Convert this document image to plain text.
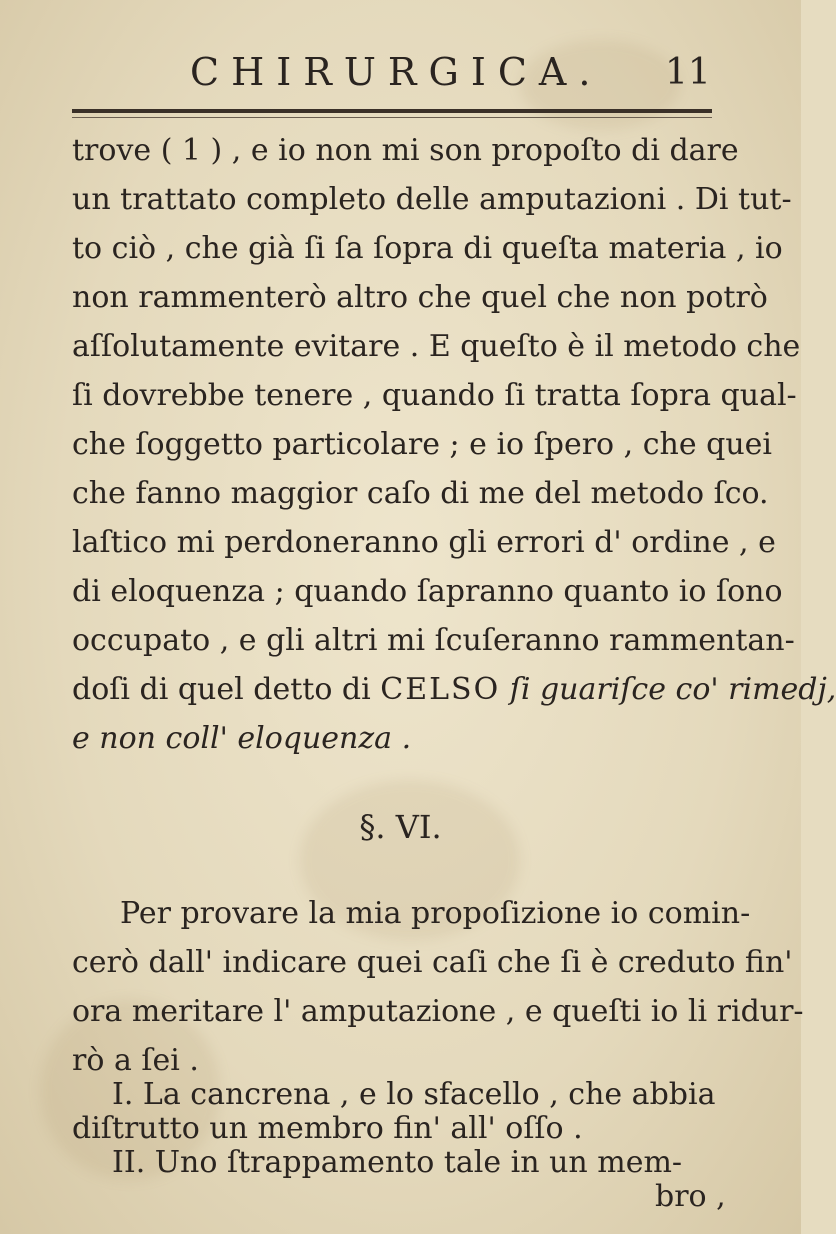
CHIRURGICA. 11
trove ( 1 ) , e io non mi son propoſto di dare
un trattato completo delle amputazioni . Di tut-
to ciò , che già ſi ſa ſopra di queſta materia , io
non rammenterò altro che quel che non potrò
aſſolutamente evitare . E queſto è il metodo che
ſi dovrebbe tenere , quando ſi tratta ſopra qual-
che ſoggetto particolare ; e io ſpero , che quei
che fanno maggior caſo di me del metodo ſco.
laſtico mi perdoneranno gli errori d' ordine , e
di eloquenza ; quando ſapranno quanto io ſono
occupato , e gli altri mi ſcuſeranno rammentan-
doſi di quel detto di CELSO ſi guariſce co' rimedj,
e non coll' eloquenza .
§. VI.
Per provare la mia propoſizione io comin-
cerò dall' indicare quei caſi che ſi è creduto fin'
ora meritare l' amputazione , e queſti io li ridur-
rò a ſei .
I. La cancrena , e lo sfacello , che abbia
diſtrutto un membro fin' all' oſſo .
II. Uno ſtrappamento tale in un mem-
bro ,
